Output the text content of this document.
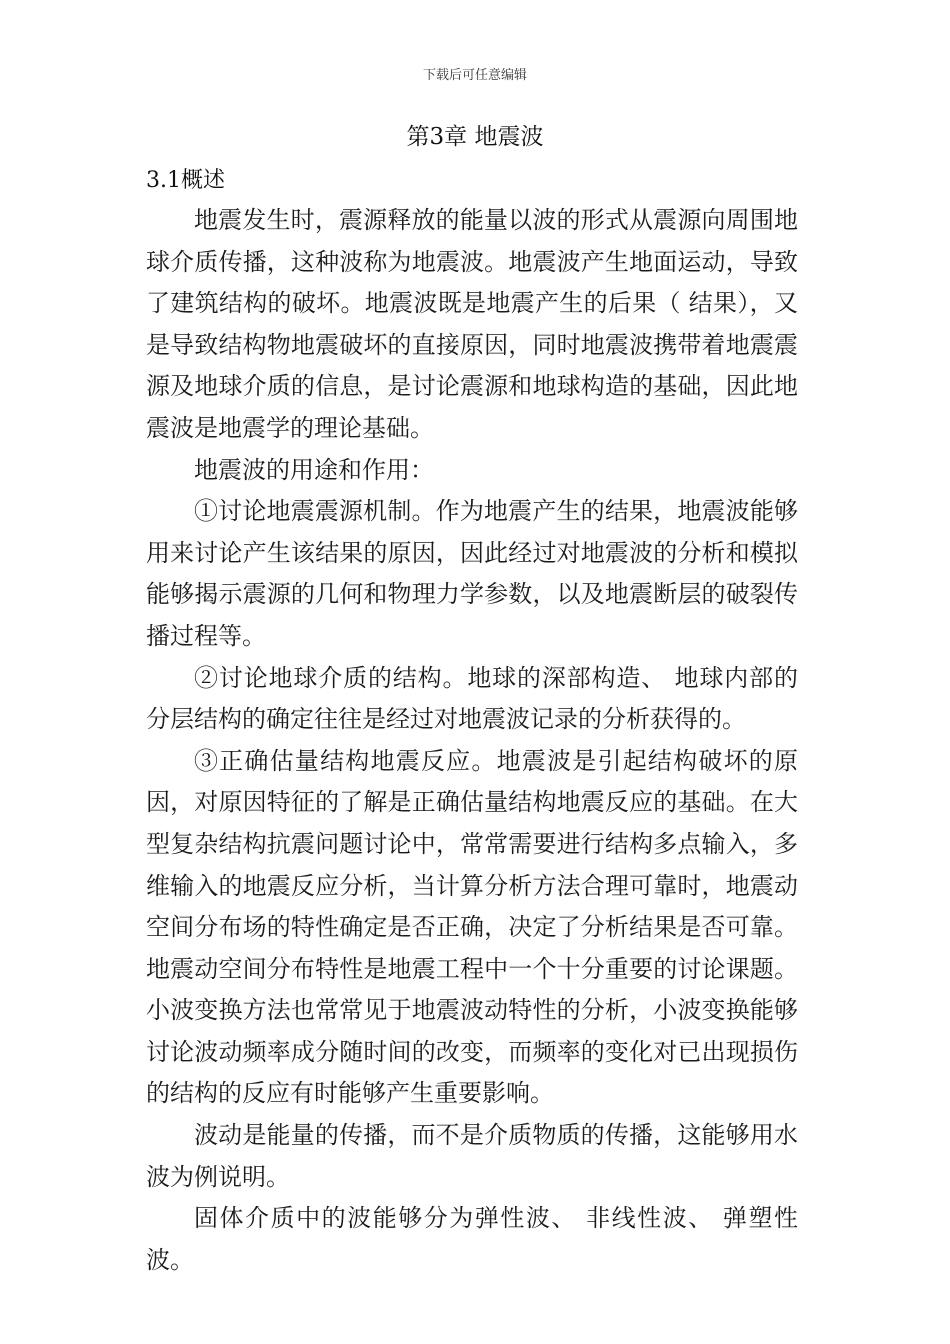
下载后可任意编辑
第3章 地震波
3.1概述

地震发生时，震源释放的能量以波的形式从震源向周围地球介质传播，这种波称为地震波。地震波产生地面运动，导致了建筑结构的破坏。地震波既是地震产生的后果（ 结果），又是导致结构物地震破坏的直接原因，同时地震波携带着地震震源及地球介质的信息，是讨论震源和地球构造的基础，因此地震波是地震学的理论基础。

地震波的用途和作用：

①讨论地震震源机制。作为地震产生的结果，地震波能够用来讨论产生该结果的原因，因此经过对地震波的分析和模拟能够揭示震源的几何和物理力学参数，以及地震断层的破裂传播过程等。

②讨论地球介质的结构。地球的深部构造、 地球内部的分层结构的确定往往是经过对地震波记录的分析获得的。

③正确估量结构地震反应。地震波是引起结构破坏的原因，对原因特征的了解是正确估量结构地震反应的基础。在大型复杂结构抗震问题讨论中，常常需要进行结构多点输入，多维输入的地震反应分析，当计算分析方法合理可靠时，地震动空间分布场的特性确定是否正确，决定了分析结果是否可靠。地震动空间分布特性是地震工程中一个十分重要的讨论课题。小波变换方法也常常见于地震波动特性的分析，小波变换能够讨论波动频率成分随时间的改变，而频率的变化对已出现损伤的结构的反应有时能够产生重要影响。

波动是能量的传播，而不是介质物质的传播，这能够用水波为例说明。

固体介质中的波能够分为弹性波、 非线性波、 弹塑性波。
